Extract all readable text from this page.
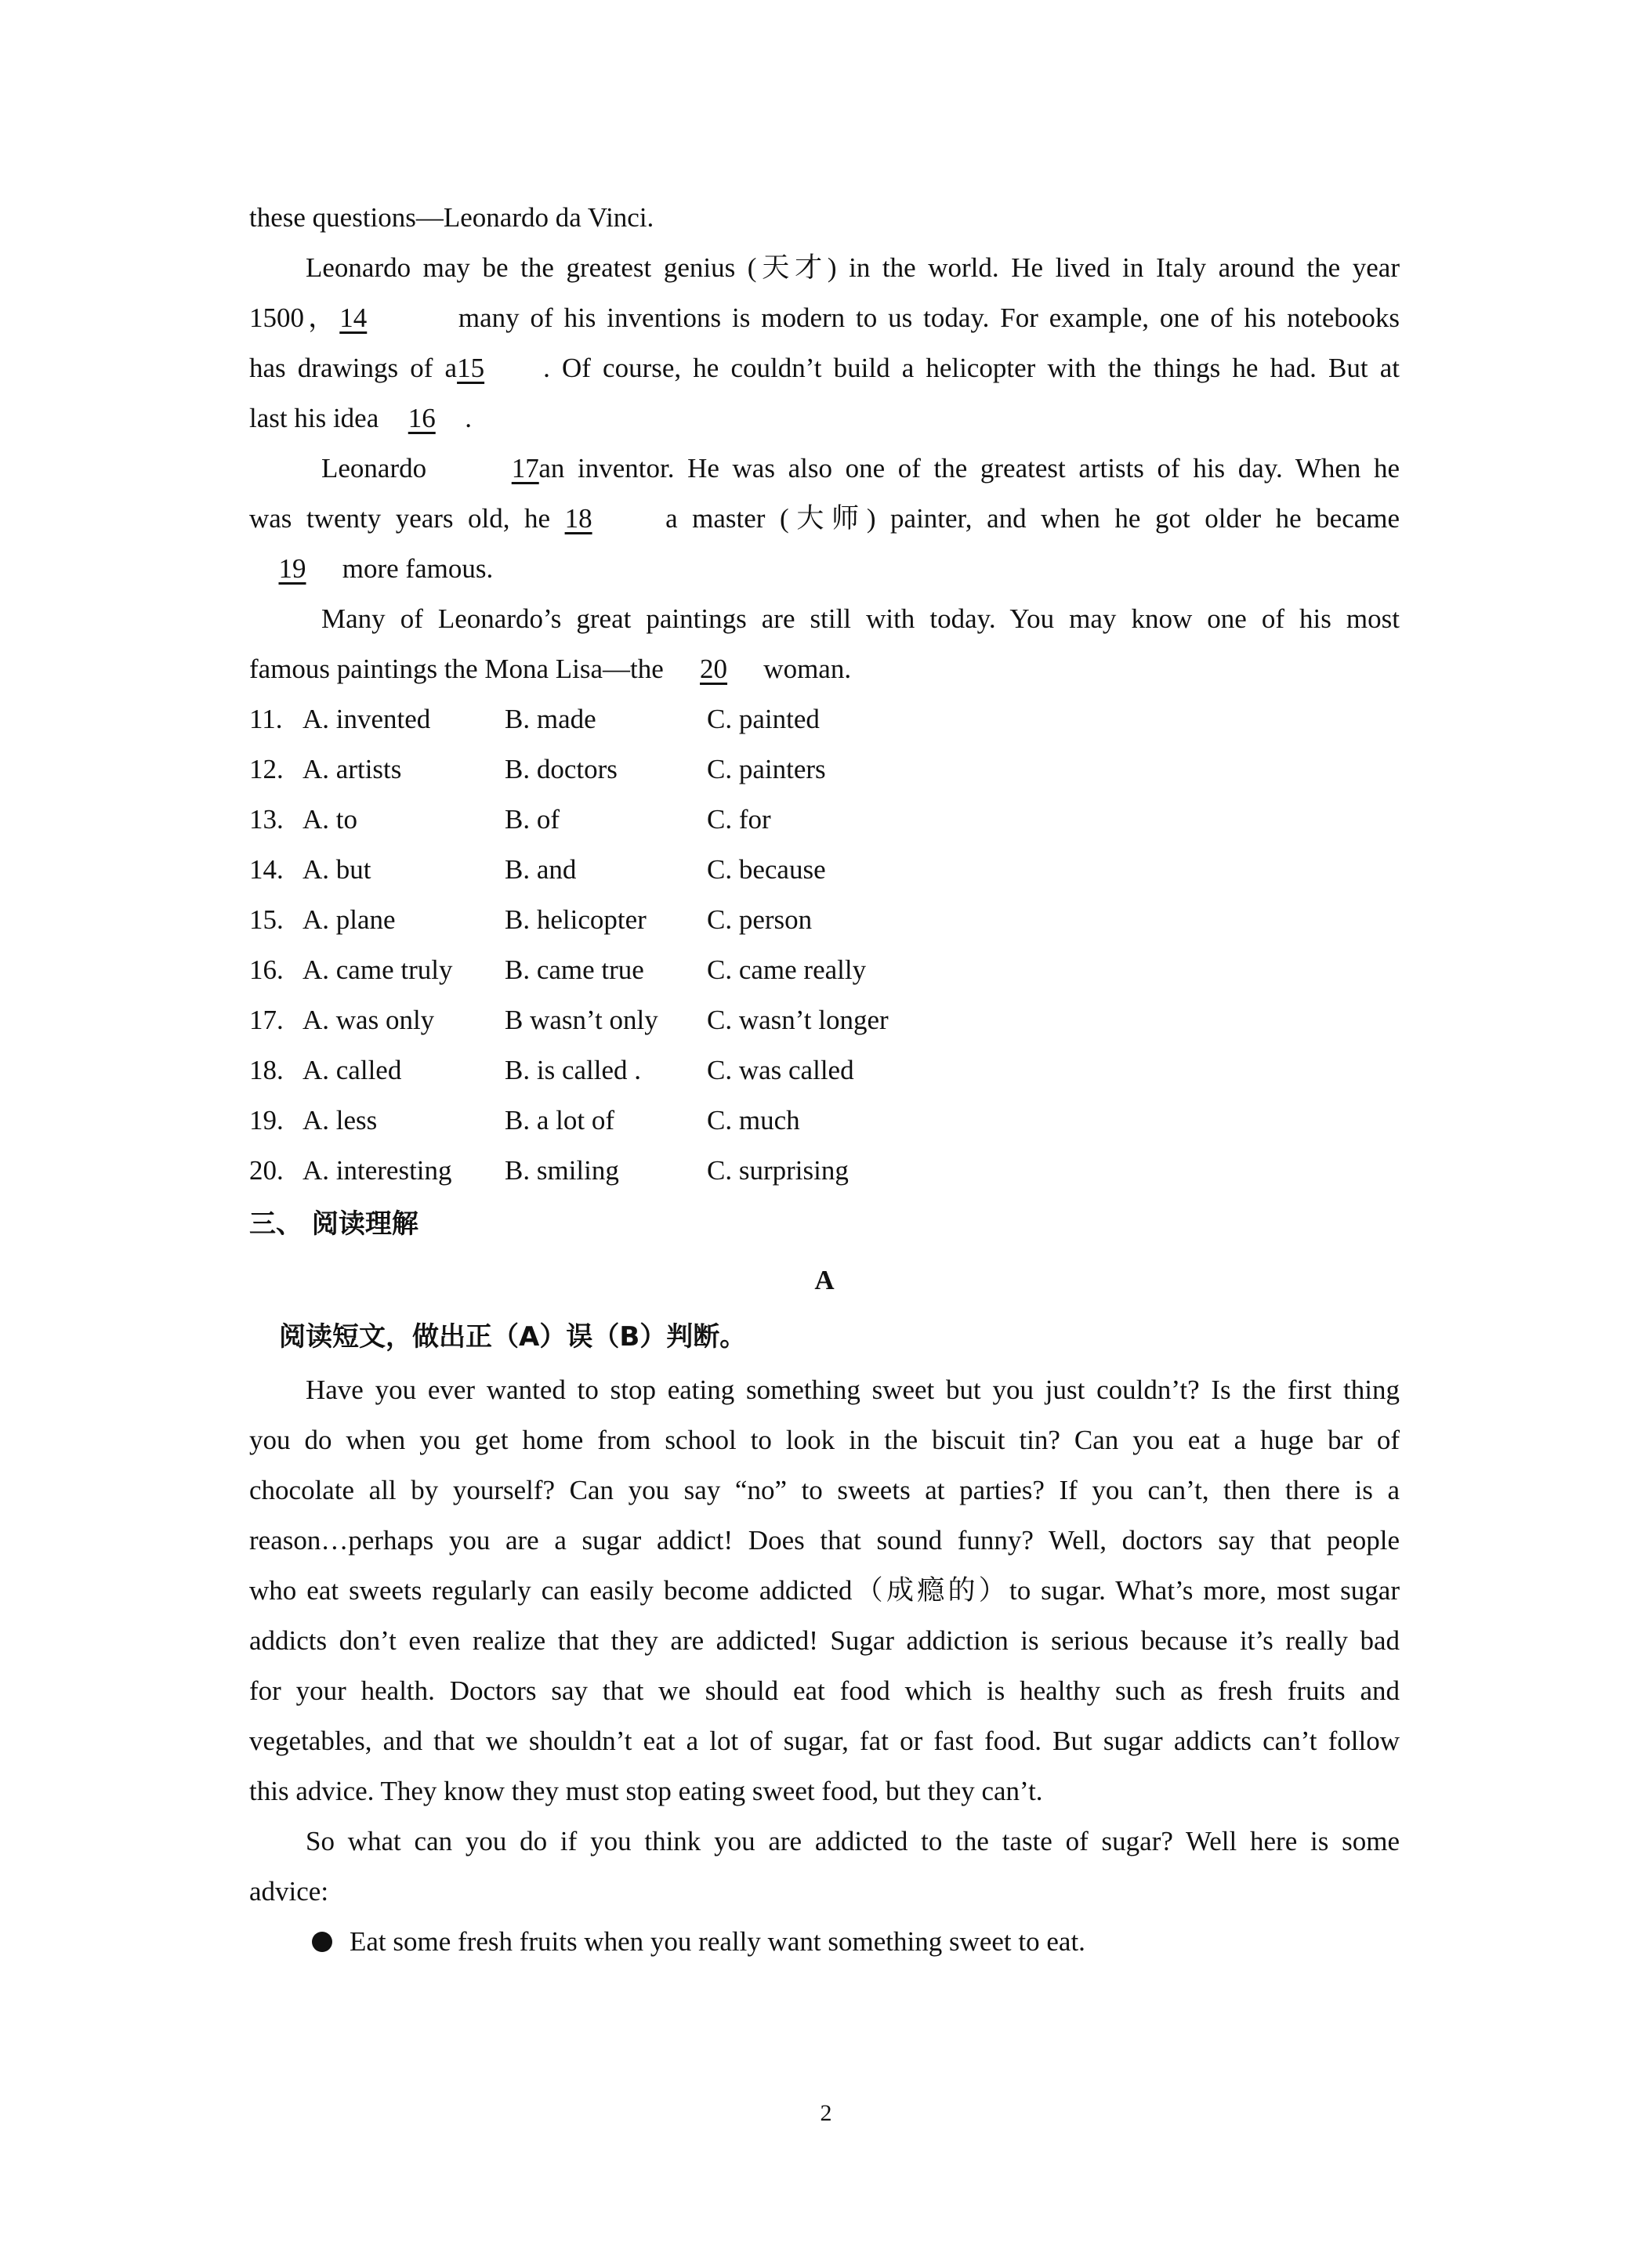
these questions—Leonardo da Vinci.
Leonardo may be the greatest genius (天才) in the world. He lived in Italy around the year
1500，14	many of his inventions is modern to us today. For example, one of his notebooks
has drawings of a15 . Of course, he couldn’t build a helicopter with the things he had. But at
last his idea 16 .
Leonardo	17 an inventor. He was also one of the greatest artists of his day. When he
was twenty years old, he 18	a master (大师) painter, and when he got older he became
19 more famous.
Many of Leonardo’s great paintings are still with today. You may know one of his most
famous paintings the Mona Lisa—the 20 woman.
11. A. invented	B. made	C. painted
12. A. artists	B. doctors	C. painters
13. A. to	B. of	C. for
14. A. but	B. and	C. because
15. A. plane	B. helicopter	C. person
16. A. came truly	B. came true	C. came really
17. A. was only	B wasn’t only	C. wasn’t longer
18. A. called	B. is called .	C. was called
19. A. less	B. a lot of	C. much
20. A. interesting	B. smiling	C. surprising
三、 阅读理解
A
阅读短文，做出正（A）误（B）判断。
Have you ever wanted to stop eating something sweet but you just couldn’t? Is the first thing
you do when you get home from school to look in the biscuit tin? Can you eat a huge bar of
chocolate all by yourself? Can you say “no” to sweets at parties? If you can’t, then there is a
reason…perhaps you are a sugar addict! Does that sound funny? Well, doctors say that people
who eat sweets regularly can easily become addicted（成瘾的）to sugar. What’s more, most sugar
addicts don’t even realize that they are addicted! Sugar addiction is serious because it’s really bad
for your health. Doctors say that we should eat food which is healthy such as fresh fruits and
vegetables, and that we shouldn’t eat a lot of sugar, fat or fast food. But sugar addicts can’t follow
this advice. They know they must stop eating sweet food, but they can’t.
So what can you do if you think you are addicted to the taste of sugar? Well here is some
advice:
Eat some fresh fruits when you really want something sweet to eat.
2
